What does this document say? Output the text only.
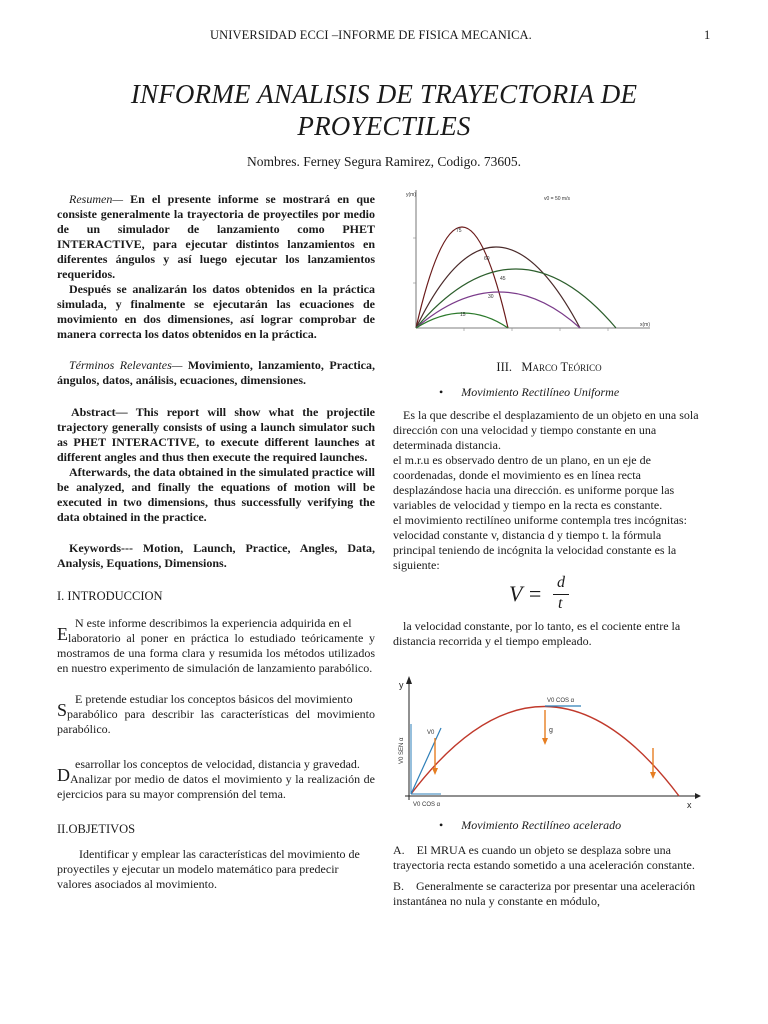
UNIVERSIDAD ECCI –INFORME DE FISICA MECANICA.	1
INFORME ANALISIS DE TRAYECTORIA DE
PROYECTILES
Nombres. Ferney Segura Ramirez, Codigo. 73605.
Resumen— En el presente informe se mostrará en que consiste generalmente la trayectoria de proyectiles por medio de un simulador de lanzamiento como PHET INTERACTIVE, para ejecutar distintos lanzamientos en diferentes ángulos y así luego ejecutar los lanzamientos requeridos.
Después se analizarán los datos obtenidos en la práctica simulada, y finalmente se ejecutarán las ecuaciones de movimiento en dos dimensiones, así lograr comprobar de manera correcta los datos obtenidos en la práctica.
Términos Relevantes— Movimiento, lanzamiento, Practica, ángulos, datos, análisis, ecuaciones, dimensiones.
Abstract— This report will show what the projectile trajectory generally consists of using a launch simulator such as PHET INTERACTIVE, to execute different launches at different angles and thus then execute the required launches.
Afterwards, the data obtained in the simulated practice will be analyzed, and finally the equations of motion will be executed in two dimensions, thus successfully verifying the data obtained in the practice.
Keywords--- Motion, Launch, Practice, Angles, Data, Analysis, Equations, Dimensions.
I. INTRODUCCION
N este informe describimos la experiencia adquirida en el
Elaboratorio al poner en práctica lo estudiado teóricamente y mostramos de una forma clara y resumida los métodos utilizados en nuestro experimento de simulación de lanzamiento parabólico.
E pretende estudiar los conceptos básicos del movimiento
Sparabólico para describir las características del movimiento parabólico.
esarrollar los conceptos de velocidad, distancia y gravedad.
D Analizar por medio de datos el movimiento y la realización de ejercicios para su mayor comprensión del tema.
II.OBJETIVOS
Identificar y emplear las características del movimiento de proyectiles y ejecutar un modelo matemático para predecir valores asociados al movimiento.
y(m)
x(m)
v0 = 50 m/s
75
60
45
30
15
III. Marco Teórico
• Movimiento Rectilíneo Uniforme
Es la que describe el desplazamiento de un objeto en una sola dirección con una velocidad y tiempo constante en una determinada distancia.
el m.r.u es observado dentro de un plano, en un eje de coordenadas, donde el movimiento es en línea recta desplazándose hacia una dirección. es uniforme porque las variables de velocidad y tiempo en la recta es constante.
el movimiento rectilíneo uniforme contempla tres incógnitas: velocidad constante v, distancia d y tiempo t. la fórmula principal teniendo de incógnita la velocidad constante es la siguiente:
V = d
t
la velocidad constante, por lo tanto, es el cociente entre la distancia recorrida y el tiempo empleado.
y
x
V0 COS α
V0 COS α
V0 SEN α
V0	g
• Movimiento Rectilíneo acelerado
A. El MRUA es cuando un objeto se desplaza sobre una trayectoria recta estando sometido a una aceleración constante.
B. Generalmente se caracteriza por presentar una aceleración instantánea no nula y constante en módulo,
